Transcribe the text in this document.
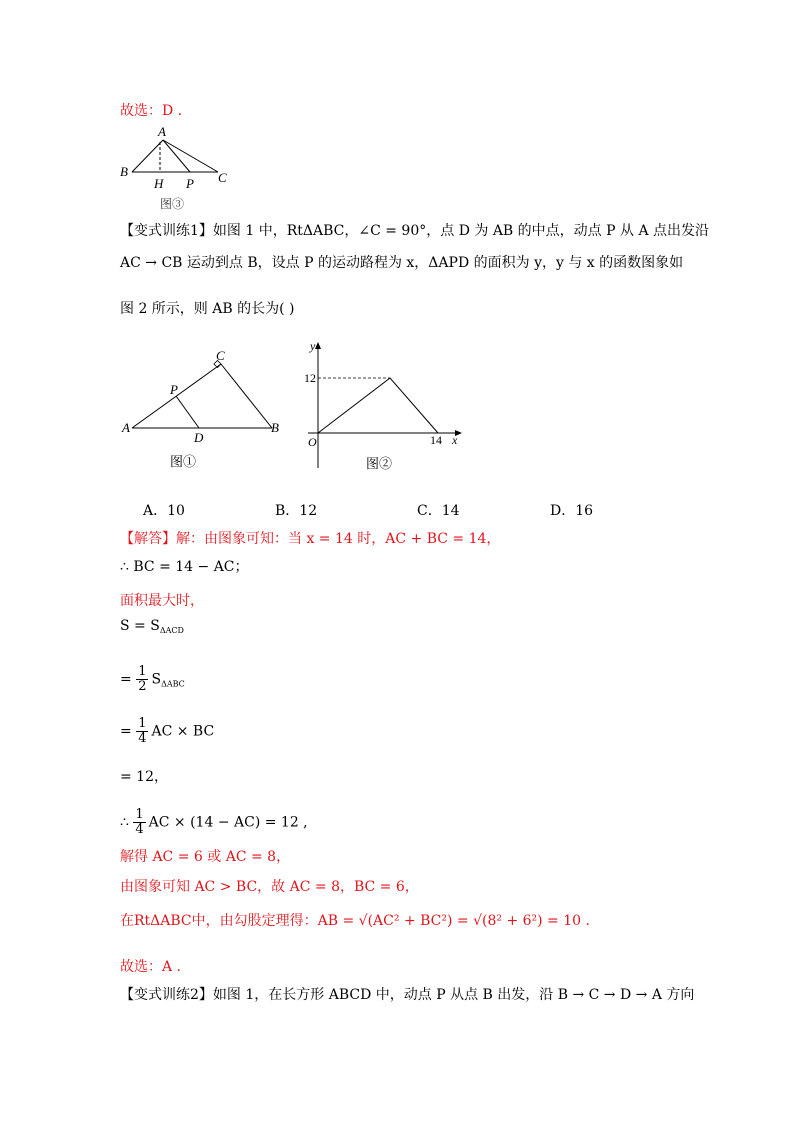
故选：D .
A
B
H P C
图③
【变式训练1】如图 1 中，RtΔABC，∠C = 90°，点 D 为 AB 的中点，动点 P 从 A 点出发沿
AC → CB 运动到点 B，设点 P 的运动路程为 x，ΔAPD 的面积为 y，y 与 x 的函数图象如
图 2 所示，则 AB 的长为( )
C
P
A
D
B
图①
y
12
O	14 x
图②
A．10	B．12	C．14	D．16
【解答】解：由图象可知：当 x = 14 时，AC + BC = 14，
∴ BC = 14 − AC；
面积最大时，
$S = S_{\Delta ACD}$
= $\frac{1}{2} S_{\Delta ABC}$
= $\frac{1}{4}$ AC × BC
= 12，
∴ $\frac{1}{4}$ AC × (14 − AC) = 12 ,
解得 AC = 6 或 AC = 8，
由图象可知 AC > BC，故 AC = 8，BC = 6，
在RtΔABC中，由勾股定理得：AB = √(AC² + BC²) = √(8² + 6²) = 10 .
故选：A .
【变式训练2】如图 1，在长方形 ABCD 中，动点 P 从点 B 出发，沿 B → C → D → A 方向
